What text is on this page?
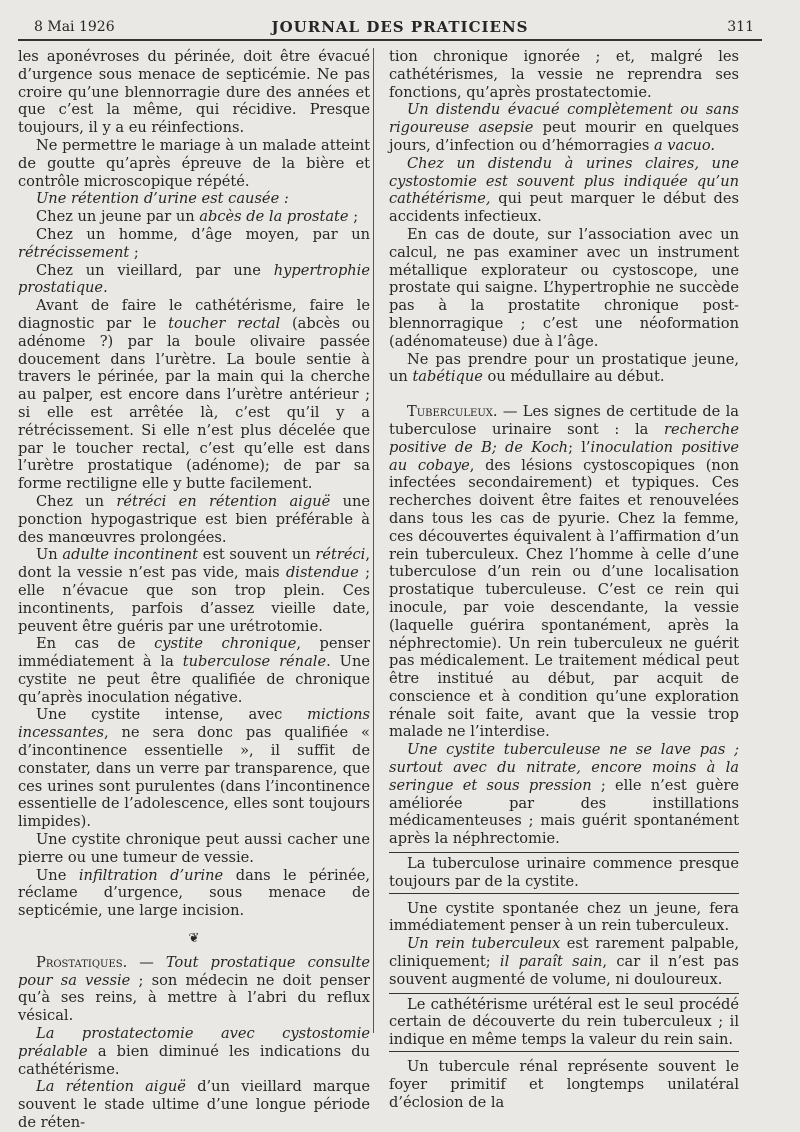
8 Mai 1926	JOURNAL DES PRATICIENS	311

les aponévroses du périnée, doit être évacué d’urgence sous menace de septicémie. Ne pas croire qu’une blennorragie dure des années et que c’est la même, qui récidive. Presque toujours, il y a eu réinfections.

Ne permettre le mariage à un malade atteint de goutte qu’après épreuve de la bière et contrôle microscopique répété.

Une rétention d’urine est causée :

Chez un jeune par un abcès de la prostate ;

Chez un homme, d’âge moyen, par un rétrécissement ;

Chez un vieillard, par une hypertrophie prostatique.

Avant de faire le cathétérisme, faire le diagnostic par le toucher rectal (abcès ou adénome ?) par la boule olivaire passée doucement dans l’urètre. La boule sentie à travers le périnée, par la main qui la cherche au palper, est encore dans l’urètre antérieur ; si elle est arrêtée là, c’est qu’il y a rétrécissement. Si elle n’est plus décelée que par le toucher rectal, c’est qu’elle est dans l’urètre prostatique (adénome); de par sa forme rectiligne elle y butte facilement.

Chez un rétréci en rétention aiguë une ponction hypogastrique est bien préférable à des manœuvres prolongées.

Un adulte incontinent est souvent un rétréci, dont la vessie n’est pas vide, mais distendue ; elle n’évacue que son trop plein. Ces incontinents, parfois d’assez vieille date, peuvent être guéris par une urétrotomie.

En cas de cystite chronique, penser immédiatement à la tuberculose rénale. Une cystite ne peut être qualifiée de chronique qu’après inoculation négative.

Une cystite intense, avec mictions incessantes, ne sera donc pas qualifiée « d’incontinence essentielle », il suffit de constater, dans un verre par transparence, que ces urines sont purulentes (dans l’incontinence essentielle de l’adolescence, elles sont toujours limpides).

Une cystite chronique peut aussi cacher une pierre ou une tumeur de vessie.

Une infiltration d’urine dans le périnée, réclame d’urgence, sous menace de septicémie, une large incision.

❦

Prostatiques. — Tout prostatique consulte pour sa vessie ; son médecin ne doit penser qu’à ses reins, à mettre à l’abri du reflux vésical.

La prostatectomie avec cystostomie préalable a bien diminué les indications du cathétérisme.

La rétention aiguë d’un vieillard marque souvent le stade ultime d’une longue période de réten-

tion chronique ignorée ; et, malgré les cathétérismes, la vessie ne reprendra ses fonctions, qu’après prostatectomie.

Un distendu évacué complètement ou sans rigoureuse asepsie peut mourir en quelques jours, d’infection ou d’hémorragies a vacuo.

Chez un distendu à urines claires, une cystostomie est souvent plus indiquée qu’un cathétérisme, qui peut marquer le début des accidents infectieux.

En cas de doute, sur l’association avec un calcul, ne pas examiner avec un instrument métallique explorateur ou cystoscope, une prostate qui saigne. L’hypertrophie ne succède pas à la prostatite chronique post-blennorragique ; c’est une néoformation (adénomateuse) due à l’âge.

Ne pas prendre pour un prostatique jeune, un tabétique ou médullaire au début.

Tuberculeux. — Les signes de certitude de la tuberculose urinaire sont : la recherche positive de B; de Koch; l’inoculation positive au cobaye, des lésions cystoscopiques (non infectées secondairement) et typiques. Ces recherches doivent être faites et renouvelées dans tous les cas de pyurie. Chez la femme, ces découvertes équivalent à l’affirmation d’un rein tuberculeux. Chez l’homme à celle d’une tuberculose d’un rein ou d’une localisation prostatique tuberculeuse. C’est ce rein qui inocule, par voie descendante, la vessie (laquelle guérira spontanément, après la néphrectomie). Un rein tuberculeux ne guérit pas médicalement. Le traitement médical peut être institué au début, par acquit de conscience et à condition qu’une exploration rénale soit faite, avant que la vessie trop malade ne l’interdise.

Une cystite tuberculeuse ne se lave pas ; surtout avec du nitrate, encore moins à la seringue et sous pression ; elle n’est guère améliorée par des instillations médicamenteuses ; mais guérit spontanément après la néphrectomie.

La tuberculose urinaire commence presque toujours par de la cystite.

Une cystite spontanée chez un jeune, fera immédiatement penser à un rein tuberculeux.

Un rein tuberculeux est rarement palpable, cliniquement; il paraît sain, car il n’est pas souvent augmenté de volume, ni douloureux.

Le cathétérisme urétéral est le seul procédé certain de découverte du rein tuberculeux ; il indique en même temps la valeur du rein sain.

Un tubercule rénal représente souvent le foyer primitif et longtemps unilatéral d’éclosion de la
